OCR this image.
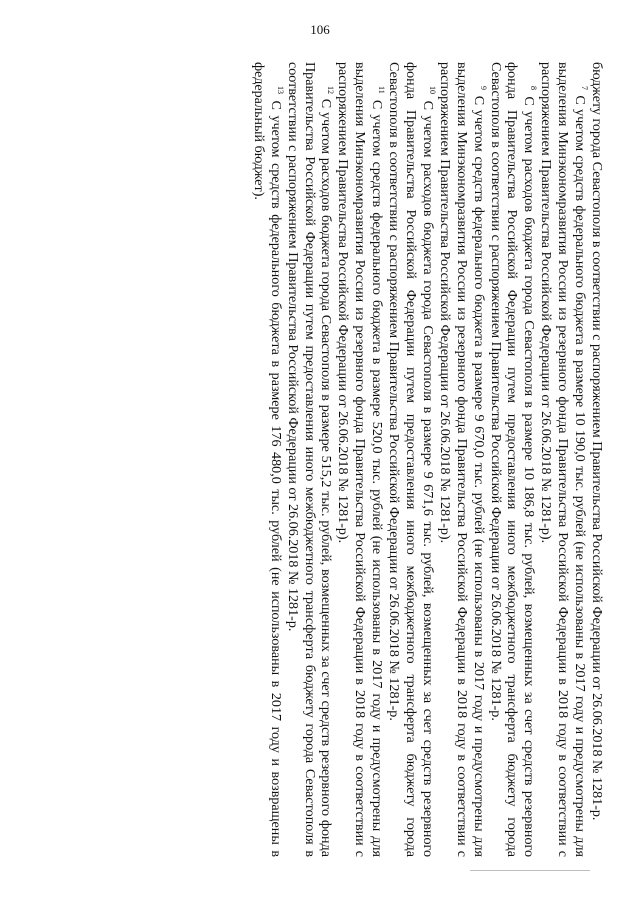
106

бюджету города Севастополя в соответствии с распоряжением Правительства Российской Федерации от 26.06.2018 № 1281-р.

$^7$ С учетом средств федерального бюджета в размере 10 190,0 тыс. рублей (не использованы в 2017 году и предусмотрены для выделения Минэкономразвития России из резервного фонда Правительства Российской Федерации в 2018 году в соответствии с распоряжением Правительства Российской Федерации от 26.06.2018 № 1281-р).

$^8$ С учетом расходов бюджета города Севастополя в размере 10 186,8 тыс. рублей, возмещенных за счет средств резервного фонда Правительства Российской Федерации путем предоставления иного межбюджетного трансферта бюджету города Севастополя в соответствии с распоряжением Правительства Российской Федерации от 26.06.2018 № 1281-р.

$^9$ С учетом средств федерального бюджета в размере 9 670,0 тыс. рублей (не использованы в 2017 году и предусмотрены для выделения Минэкономразвития России из резервного фонда Правительства Российской Федерации в 2018 году в соответствии с распоряжением Правительства Российской Федерации от 26.06.2018 № 1281-р).

$^{10}$ С учетом расходов бюджета города Севастополя в размере 9 671,6 тыс. рублей, возмещенных за счет средств резервного фонда Правительства Российской Федерации путем предоставления иного межбюджетного трансферта бюджету города Севастополя в соответствии с распоряжением Правительства Российской Федерации от 26.06.2018 № 1281-р.

$^{11}$ С учетом средств федерального бюджета в размере 520,0 тыс. рублей (не использованы в 2017 году и предусмотрены для выделения Минэкономразвития России из резервного фонда Правительства Российской Федерации в 2018 году в соответствии с распоряжением Правительства Российской Федерации от 26.06.2018 № 1281-р).

$^{12}$ С учетом расходов бюджета города Севастополя в размере 515,2 тыс. рублей, возмещенных за счет средств резервного фонда Правительства Российской Федерации путем предоставления иного межбюджетного трансферта бюджету города Севастополя в соответствии с распоряжением Правительства Российской Федерации от 26.06.2018 № 1281-р.

$^{13}$ С учетом средств федерального бюджета в размере 176 480,0 тыс. рублей (не использованы в 2017 году и возвращены в федеральный бюджет).
